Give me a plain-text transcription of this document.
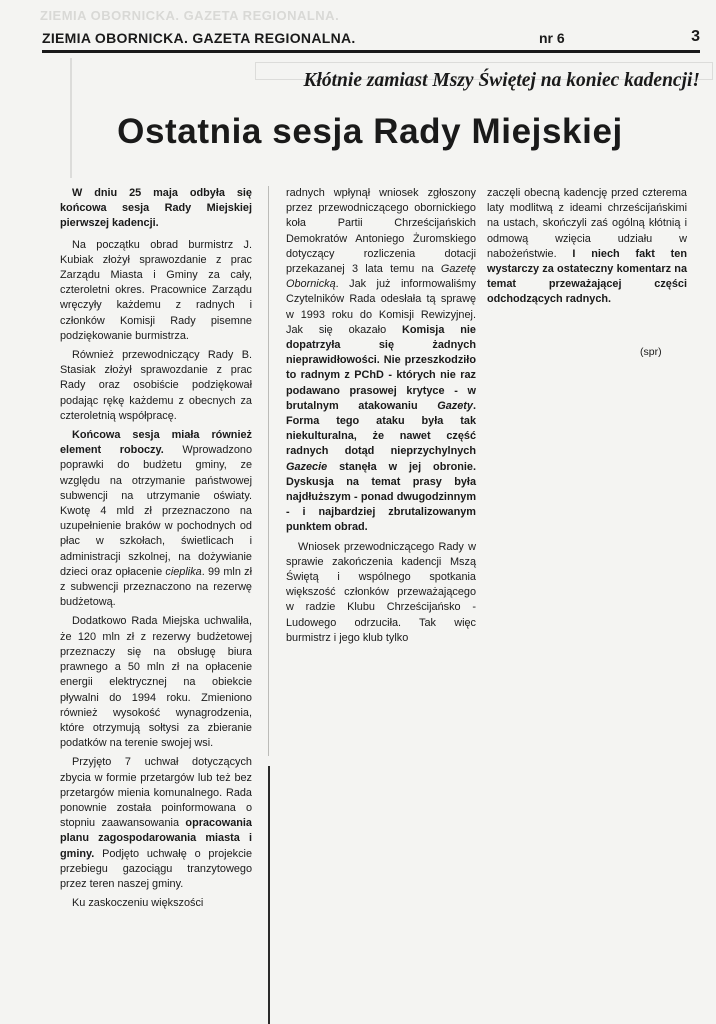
ZIEMIA OBORNICKA. GAZETA REGIONALNA.
ZIEMIA OBORNICKA. GAZETA REGIONALNA.	nr 6	3
Kłótnie zamiast Mszy Świętej na koniec kadencji!
Ostatnia sesja Rady Miejskiej

W dniu 25 maja odbyła się końcowa sesja Rady Miejskiej pierwszej kadencji.

Na początku obrad burmistrz J. Kubiak złożył sprawozdanie z prac Zarządu Miasta i Gminy za cały, czteroletni okres. Pracownice Zarządu wręczyły każdemu z radnych i członków Komisji Rady pisemne podziękowanie burmistrza.

Również przewodniczący Rady B. Stasiak złożył sprawozdanie z prac Rady oraz osobiście podziękował podając rękę każdemu z obecnych za czteroletnią współpracę.

Końcowa sesja miała również element roboczy. Wprowadzono poprawki do budżetu gminy, ze względu na otrzymanie państwowej subwencji na utrzymanie oświaty. Kwotę 4 mld zł przeznaczono na uzupełnienie braków w pochodnych od płac w szkołach, świetlicach i administracji szkolnej, na dożywianie dzieci oraz opłacenie cieplika. 99 mln zł z subwencji przeznaczono na rezerwę budżetową.

Dodatkowo Rada Miejska uchwaliła, że 120 mln zł z rezerwy budżetowej przeznaczy się na obsługę biura prawnego a 50 mln zł na opłacenie energii elektrycznej na obiekcie pływalni do 1994 roku. Zmieniono również wysokość wynagrodzenia, które otrzymują sołtysi za zbieranie podatków na terenie swojej wsi.

Przyjęto 7 uchwał dotyczących zbycia w formie przetargów lub też bez przetargów mienia komunalnego. Rada ponownie została poinformowana o stopniu zaawansowania opracowania planu zagospodarowania miasta i gminy. Podjęto uchwałę o projekcie przebiegu gazociągu tranzytowego przez teren naszej gminy.

Ku zaskoczeniu większości

radnych wpłynął wniosek zgłoszony przez przewodniczącego obornickiego koła Partii Chrześcijańskich Demokratów Antoniego Żuromskiego dotyczący rozliczenia dotacji przekazanej 3 lata temu na Gazetę Obornicką. Jak już informowaliśmy Czytelników Rada odesłała tą sprawę w 1993 roku do Komisji Rewizyjnej. Jak się okazało Komisja nie dopatrzyła się żadnych nieprawidłowości. Nie przeszkodziło to radnym z PChD - których nie raz podawano prasowej krytyce - w brutalnym atakowaniu Gazety. Forma tego ataku była tak niekulturalna, że nawet część radnych dotąd nieprzychylnych Gazecie stanęła w jej obronie. Dyskusja na temat prasy była najdłuższym - ponad dwugodzinnym - i najbardziej zbrutalizowanym punktem obrad.

Wniosek przewodniczącego Rady w sprawie zakończenia kadencji Mszą Świętą i wspólnego spotkania większość członków przeważającego w radzie Klubu Chrześcijańsko - Ludowego odrzuciła. Tak więc burmistrz i jego klub tylko

zaczęli obecną kadencję przed czterema laty modlitwą z ideami chrześcijańskimi na ustach, skończyli zaś ogólną kłótnią i odmową wzięcia udziału w nabożeństwie. I niech fakt ten wystarczy za ostateczny komentarz na temat przeważającej części odchodzących radnych.

(spr)
